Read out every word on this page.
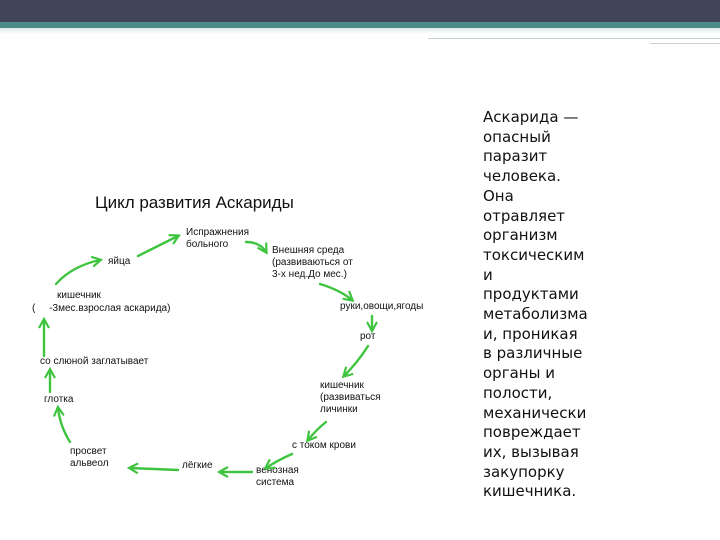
Цикл развития Аскариды
Испражнения больного
Внешняя среда (развиваються от 3-х нед.До мес.)
руки,овощи,ягоды
рот
кишечник (развиваться личинки
с током крови
венозная система
лёгкие
просвет альвеол
глотка
со слюной заглатывает
кишечник (     -3мес.взрослая аскарида)
яйца
Аскарида —
опасный
паразит
человека.
Она
отравляет
организм
токсическим
и
продуктами
метаболизма
и, проникая
в различные
органы и
полости,
механически
повреждает
их, вызывая
закупорку
кишечника.
